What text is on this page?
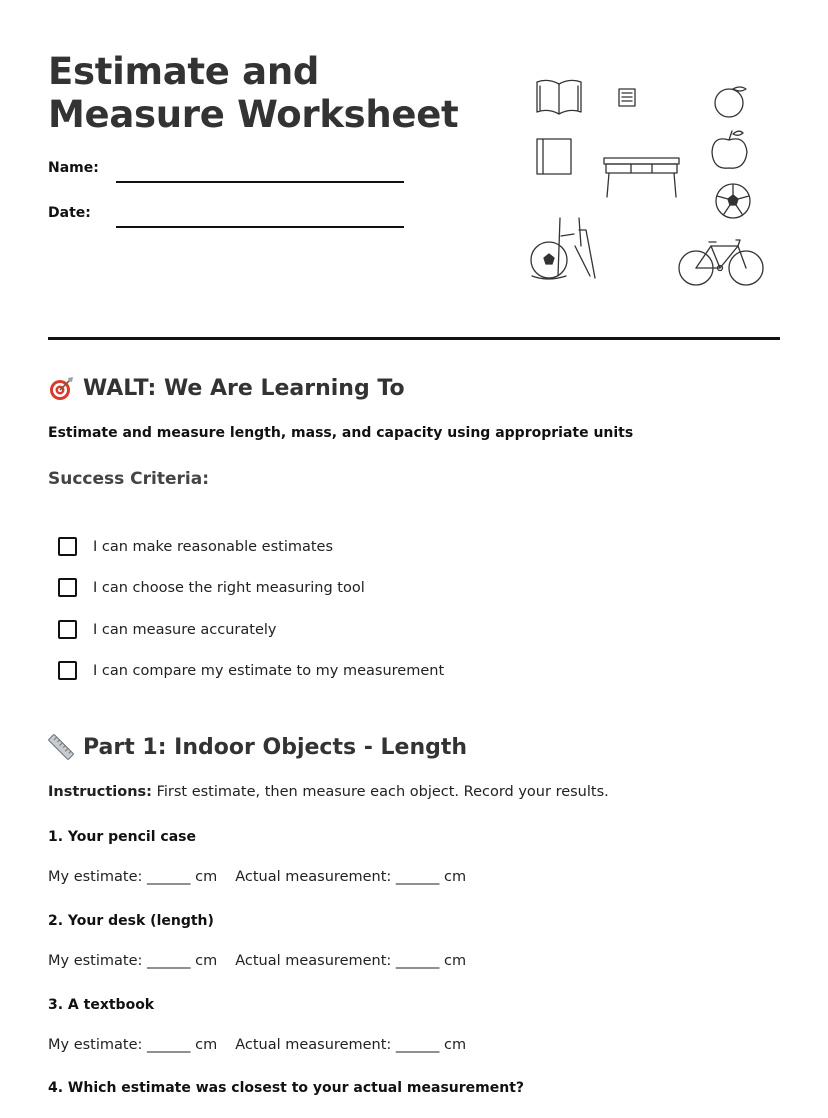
Estimate and Measure Worksheet
Name:
Date:
WALT: We Are Learning To
Estimate and measure length, mass, and capacity using appropriate units
Success Criteria:
I can make reasonable estimates
I can choose the right measuring tool
I can measure accurately
I can compare my estimate to my measurement
Part 1: Indoor Objects - Length
Instructions: First estimate, then measure each object. Record your results.
1. Your pencil case
My estimate: ______ cm Actual measurement: ______ cm
2. Your desk (length)
My estimate: ______ cm Actual measurement: ______ cm
3. A textbook
My estimate: ______ cm Actual measurement: ______ cm
4. Which estimate was closest to your actual measurement?
